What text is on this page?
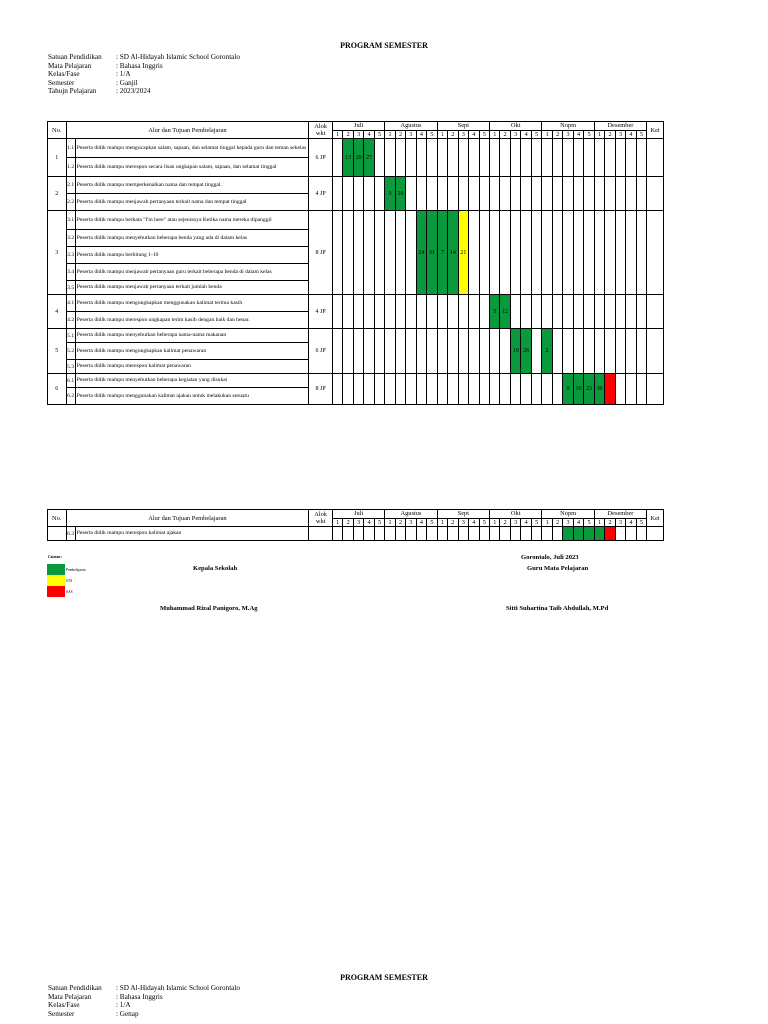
PROGRAM SEMESTER
Satuan Pendidikan	: SD Al-Hidayah Islamic School Gorontalo
Mata Pelajaran	: Bahasa Inggris
Kelas/Fase	: 1/A
Semester	: Ganjil
Tahujn Pelajaran	: 2023/2024
No.	Alur dan Tujuan Pembelajaran		Alok wkt	Juli					Agustus					Sept					Okt					Nopm					Desember					Ket
				1	2	3	4	5	1	2	3	4	5	1	2	3	4	5	1	2	3	4	5	1	2	3	4	5	1	2	3	4	5	
1	1.1	Peserta didik mampu mengucapkan salam, sapaan, dan selamat tinggal kepada guru dan teman sekelas	6 JP		13	20	27																											
	1.2	Peserta didik mampu merespon secara lisan ungkapan salam, sapaan, dan selamat tinggal																																
2	2.1	Peserta didik mampu memperkenalkan nama dan tempat tinggal.	4 JP						3	10																								
	2.2	Peserta didik mampu menjawab pertanyaan terkait nama dan tempat tinggal																																
3	3.1	Peserta didik mampu berkata "I'm here" atau sejenisnya Ketika nama mereka dipanggil	8 JP									24	31	7	14	21																		
	3.2	Peserta didik mampu menyebutkan beberapa benda yang ada di dalam kelas																																
	3.3	Peserta didik mampu berhitung 1-10																																
	3.4	Peserta didik mampu menjawab pertanyaan guru terkait beberapa benda di dalam kelas																																
	3.5	Peserta didik mampu menjawab pertanyaan terkait jumlah benda																																
4	4.1	Peserta didik mampu mengungkapkan menggunakan kalimat terima kasih	4 JP																5	12														
	4.2	Peserta didik mampu merespon ungkapan terim kasih dengan baik dan benar.																																
5	5.1	Peserta didik mampu menyebutkan beberapa nama-nama makanan	6 JP																		19	26		2										
	5.2	Peserta didik mampu mengungkapkan kalimat penawaran																																
	5.3	Peserta didik mampu merespon kalimat penawaran																																
6	6.1	Peserta didik mampu menyebutkan beberapa kegiatan yang disukai	8 JP																							9	16	23	30					
	6.2	Peserta didik mampu menggunakan kalimat ajakan untuk melakukan sesuatu																																
No.	Alur dan Tujuan Pembelajaran		Alok wkt	Juli					Agustus					Sept					Okt					Nopm					Desember					Ket
				1	2	3	4	5	1	2	3	4	5	1	2	3	4	5	1	2	3	4	5	1	2	3	4	5	1	2	3	4	5	
	6.3	Peserta didik mampu merespon kalimat ajakan																																
Catatan :
Pembelajaran
STS
SAS
Gorontalo, Juli 2023
Kepala Sekolah	Guru Mata Pelajaran
Muhammad Rizal Panigoro, M.Ag	Sitti Suhartina Taib Abdullah, M.Pd
PROGRAM SEMESTER
Satuan Pendidikan	: SD Al-Hidayah Islamic School Gorontalo
Mata Pelajaran	: Bahasa Inggris
Kelas/Fase	: 1/A
Semester	: Genap
